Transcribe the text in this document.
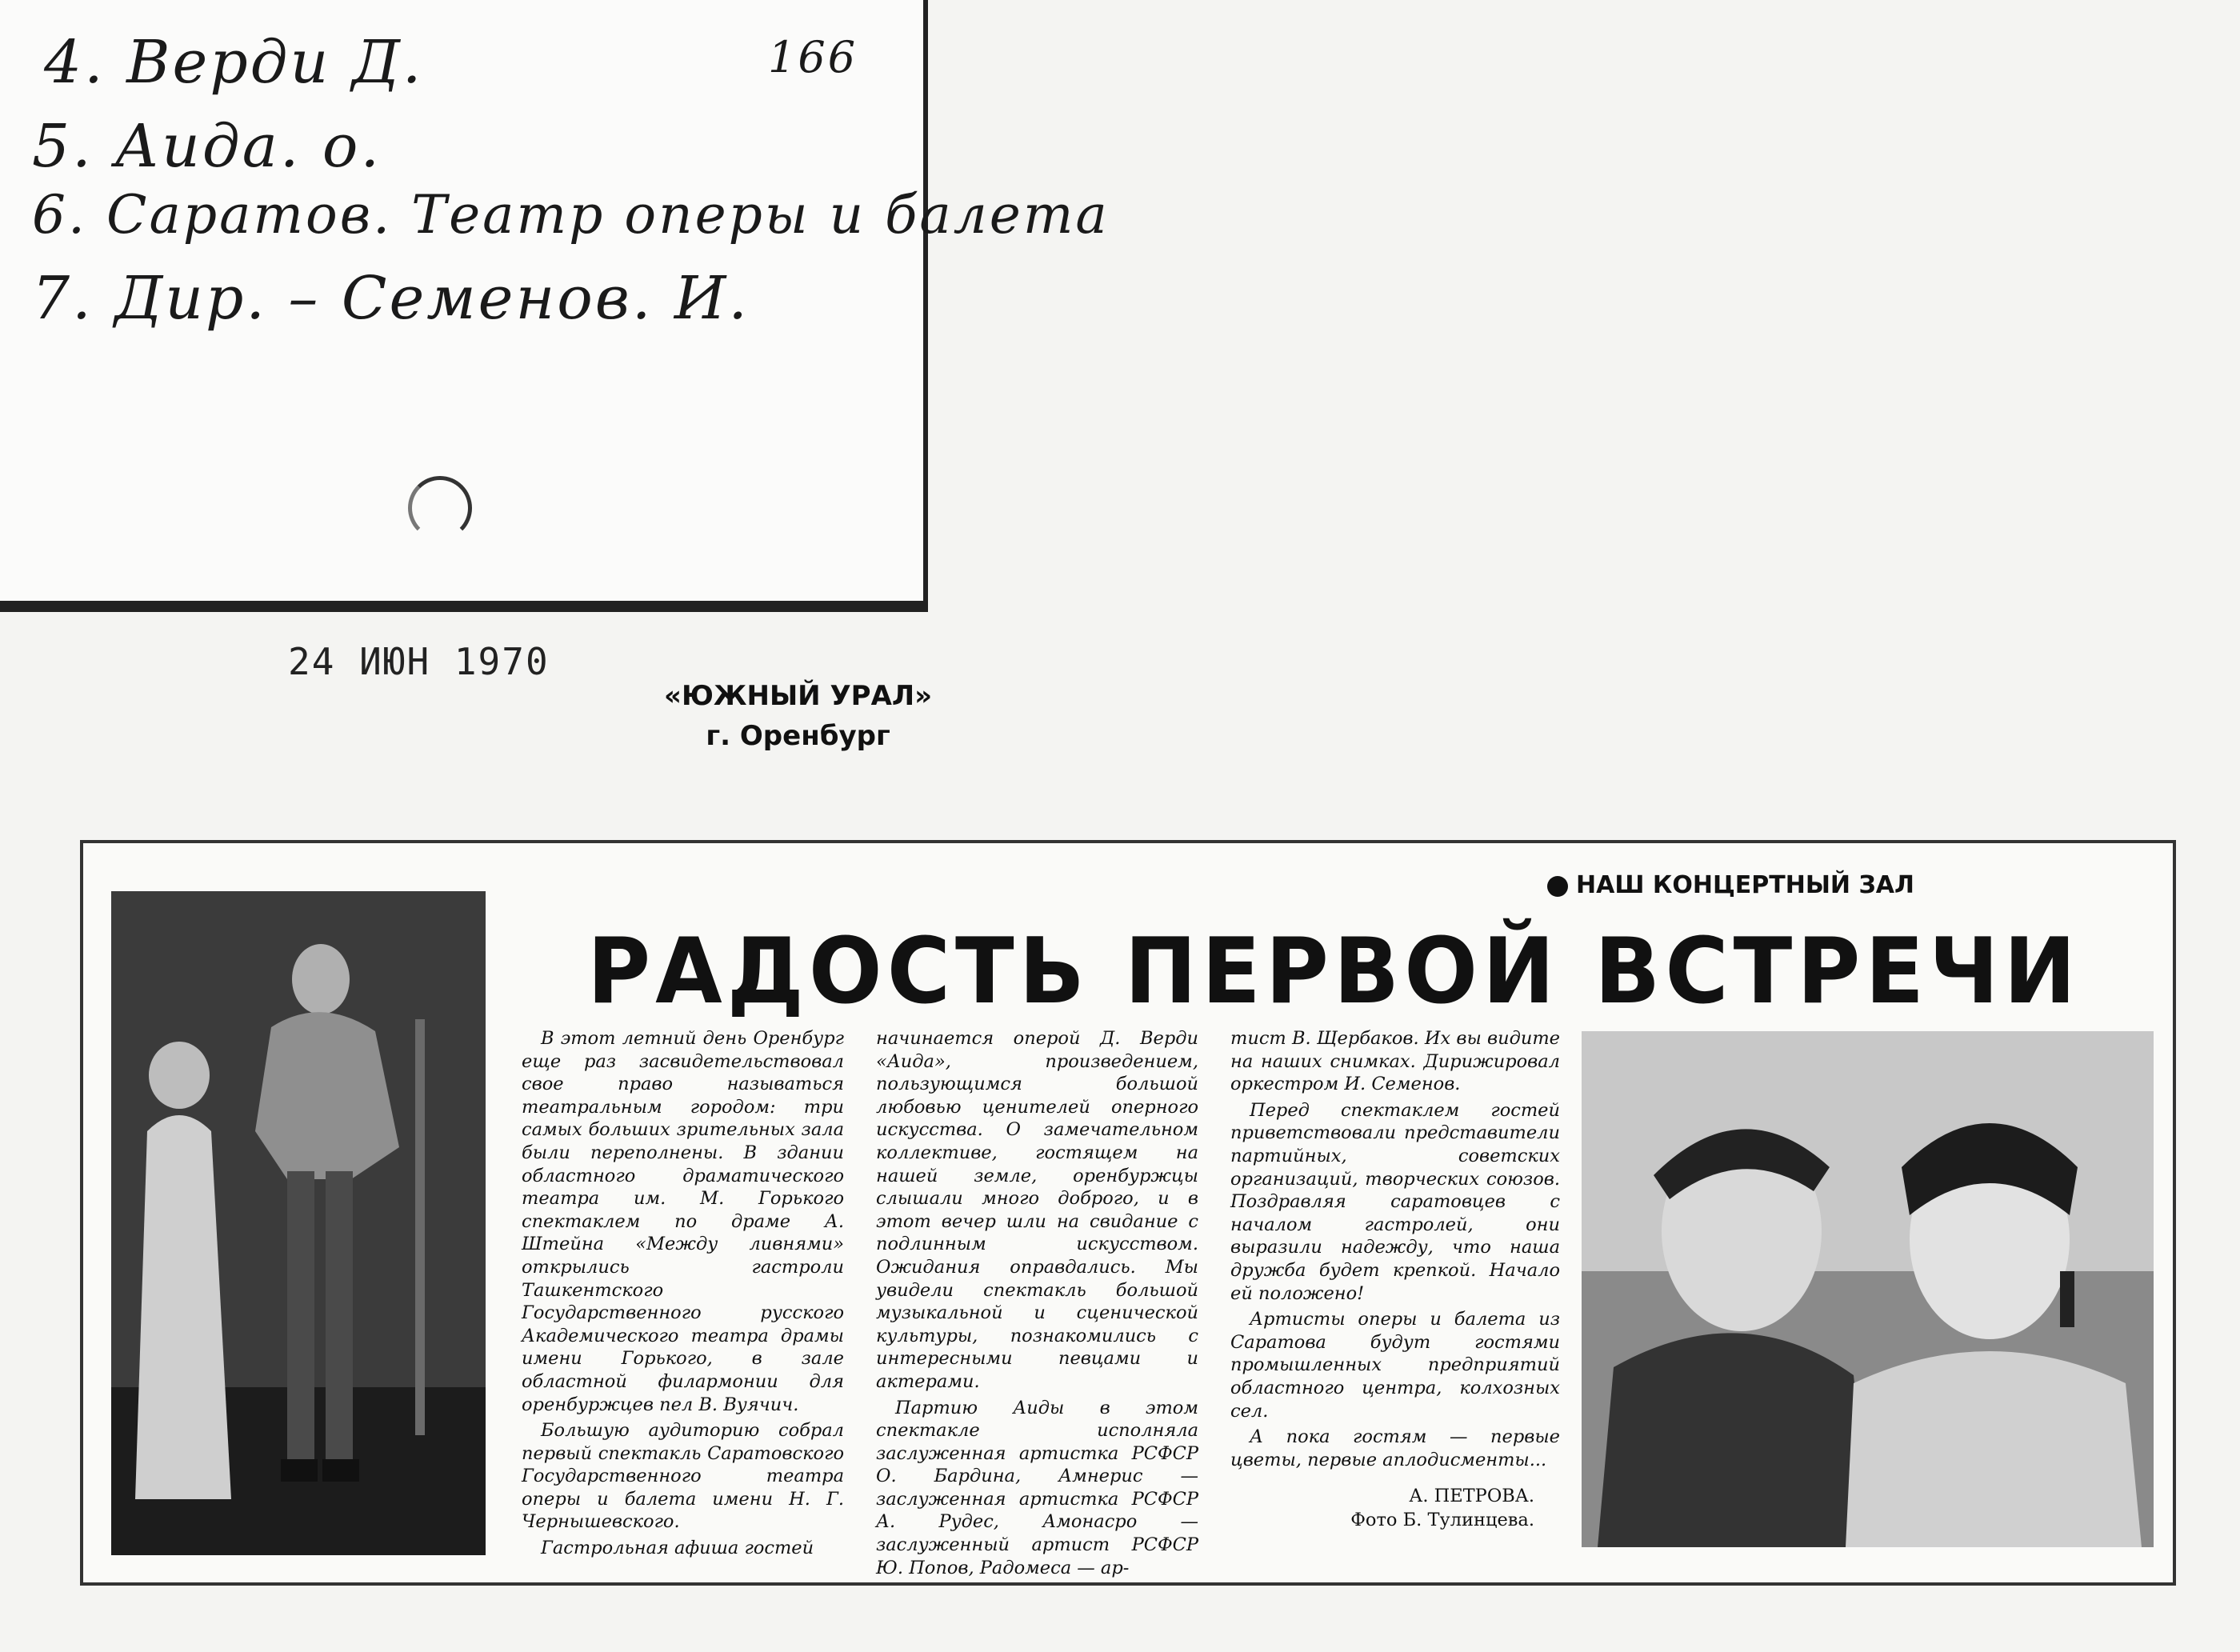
4. Верди Д.	166
5. Аида. о.
6. Саратов. Театр оперы и балета
7. Дир. – Семенов. И.
24 ИЮН 1970
«ЮЖНЫЙ УРАЛ»
г. Оренбург
НАШ КОНЦЕРТНЫЙ ЗАЛ
РАДОСТЬ ПЕРВОЙ ВСТРЕЧИ

В этот летний день Оренбург еще раз засвидетельствовал свое право называться театральным городом: три самых больших зрительных зала были переполнены. В здании областного драматического театра им. М. Горького спектаклем по драме А. Штейна «Между ливнями» открылись гастроли Ташкентского Государственного русского Академического театра драмы имени Горького, в зале областной филармонии для оренбуржцев пел В. Вуячич.

Большую аудиторию собрал первый спектакль Саратовского Государственного театра оперы и балета имени Н. Г. Чернышевского.

Гастрольная афиша гостей

начинается оперой Д. Верди «Аида», произведением, пользующимся большой любовью ценителей оперного искусства. О замечательном коллективе, гостящем на нашей земле, оренбуржцы слышали много доброго, и в этот вечер шли на свидание с подлинным искусством. Ожидания оправдались. Мы увидели спектакль большой музыкальной и сценической культуры, познакомились с интересными певцами и актерами.

Партию Аиды в этом спектакле исполняла заслуженная артистка РСФСР О. Бардина, Амнерис — заслуженная артистка РСФСР А. Рудес, Амонасро — заслуженный артист РСФСР Ю. Попов, Радомеса — ар-

тист В. Щербаков. Их вы видите на наших снимках. Дирижировал оркестром И. Семенов.

Перед спектаклем гостей приветствовали представители партийных, советских организаций, творческих союзов. Поздравляя саратовцев с началом гастролей, они выразили надежду, что наша дружба будет крепкой. Начало ей положено!

Артисты оперы и балета из Саратова будут гостями промышленных предприятий областного центра, колхозных сел.

А пока гостям — первые цветы, первые аплодисменты...

А. ПЕТРОВА.
Фото Б. Тулинцева.
